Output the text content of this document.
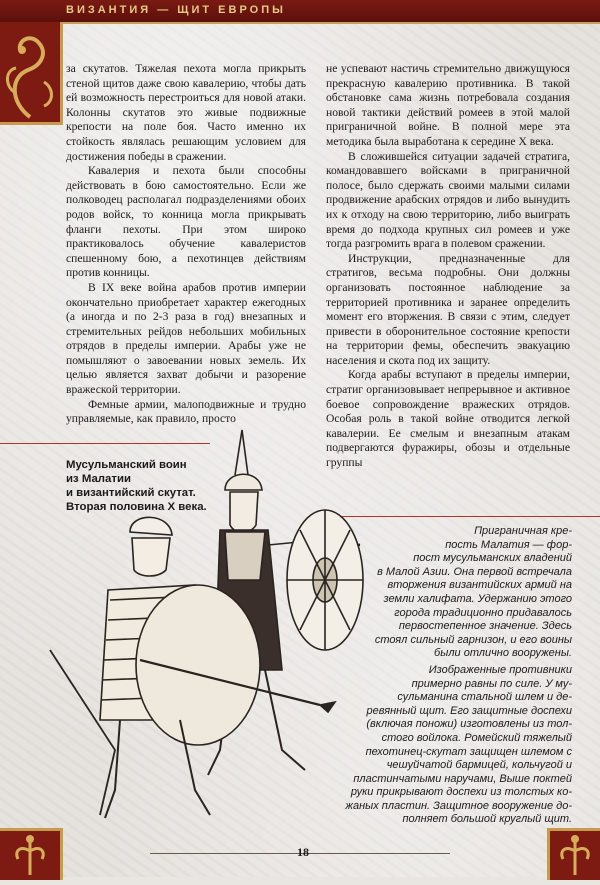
ВИЗАНТИЯ — ЩИТ ЕВРОПЫ

за скутатов. Тяжелая пехота могла прикрыть стеной щитов даже свою кавалерию, чтобы дать ей возможность перестроиться для новой атаки. Колонны скутатов это живые подвижные крепости на поле боя. Часто именно их стойкость являлась решающим условием для достижения победы в сражении.

Кавалерия и пехота были способны действовать в бою самостоятельно. Если же полководец располагал подразделениями обоих родов войск, то конница могла прикрывать фланги пехоты. При этом широко практиковалось обучение кавалеристов спешенному бою, а пехотинцев действиям против конницы.

В IX веке война арабов против империи окончательно приобретает характер ежегодных (а иногда и по 2-3 раза в год) внезапных и стремительных рейдов небольших мобильных отрядов в пределы империи. Арабы уже не помышляют о завоевании новых земель. Их целью является захват добычи и разорение вражеской территории.

Фемные армии, малоподвижные и трудно управляемые, как правило, просто

не успевают настичь стремительно движущуюся прекрасную кавалерию противника. В такой обстановке сама жизнь потребовала создания новой тактики действий ромеев в этой малой приграничной войне. В полной мере эта методика была выработана к середине X века.

В сложившейся ситуации задачей стратига, командовавшего войсками в приграничной полосе, было сдержать своими малыми силами продвижение арабских отрядов и либо вынудить их к отходу на свою территорию, либо выиграть время до подхода крупных сил ромеев и уже тогда разгромить врага в полевом сражении.

Инструкции, предназначенные для стратигов, весьма подробны. Они должны организовать постоянное наблюдение за территорией противника и заранее определить момент его вторжения. В связи с этим, следует привести в оборонительное состояние крепости на территории фемы, обеспечить эвакуацию населения и скота под их защиту.

Когда арабы вступают в пределы империи, стратиг организовывает непрерывное и активное боевое сопровождение вражеских отрядов. Особая роль в такой войне отводится легкой кавалерии. Ее смелым и внезапным атакам подвергаются фуражиры, обозы и отдельные группы

Мусульманский воин
из Малатии
и византийский скутат.
Вторая половина X века.
Приграничная кре-
пость Малатия — фор-
пост мусульманских владений
в Малой Азии. Она первой встречала
вторжения византийских армий на
земли халифата. Удержанию этого
города традиционно придавалось
первостепенное значение. Здесь
стоял сильный гарнизон, и его воины
были отлично вооружены.
Изображенные противники
примерно равны по силе. У му-
сульманина стальной шлем и де-
ревянный щит. Его защитные доспехи
(включая поножи) изготовлены из тол-
стого войлока. Ромейский тяжелый
пехотинец-скутат защищен шлемом с
чешуйчатой бармицей, кольчугой и
пластинчатыми наручами, Выше поктей
руки прикрывают доспехи из толстых ко-
жаных пластин. Защитное вооружение до-
полняет большой круглый щит.
18
